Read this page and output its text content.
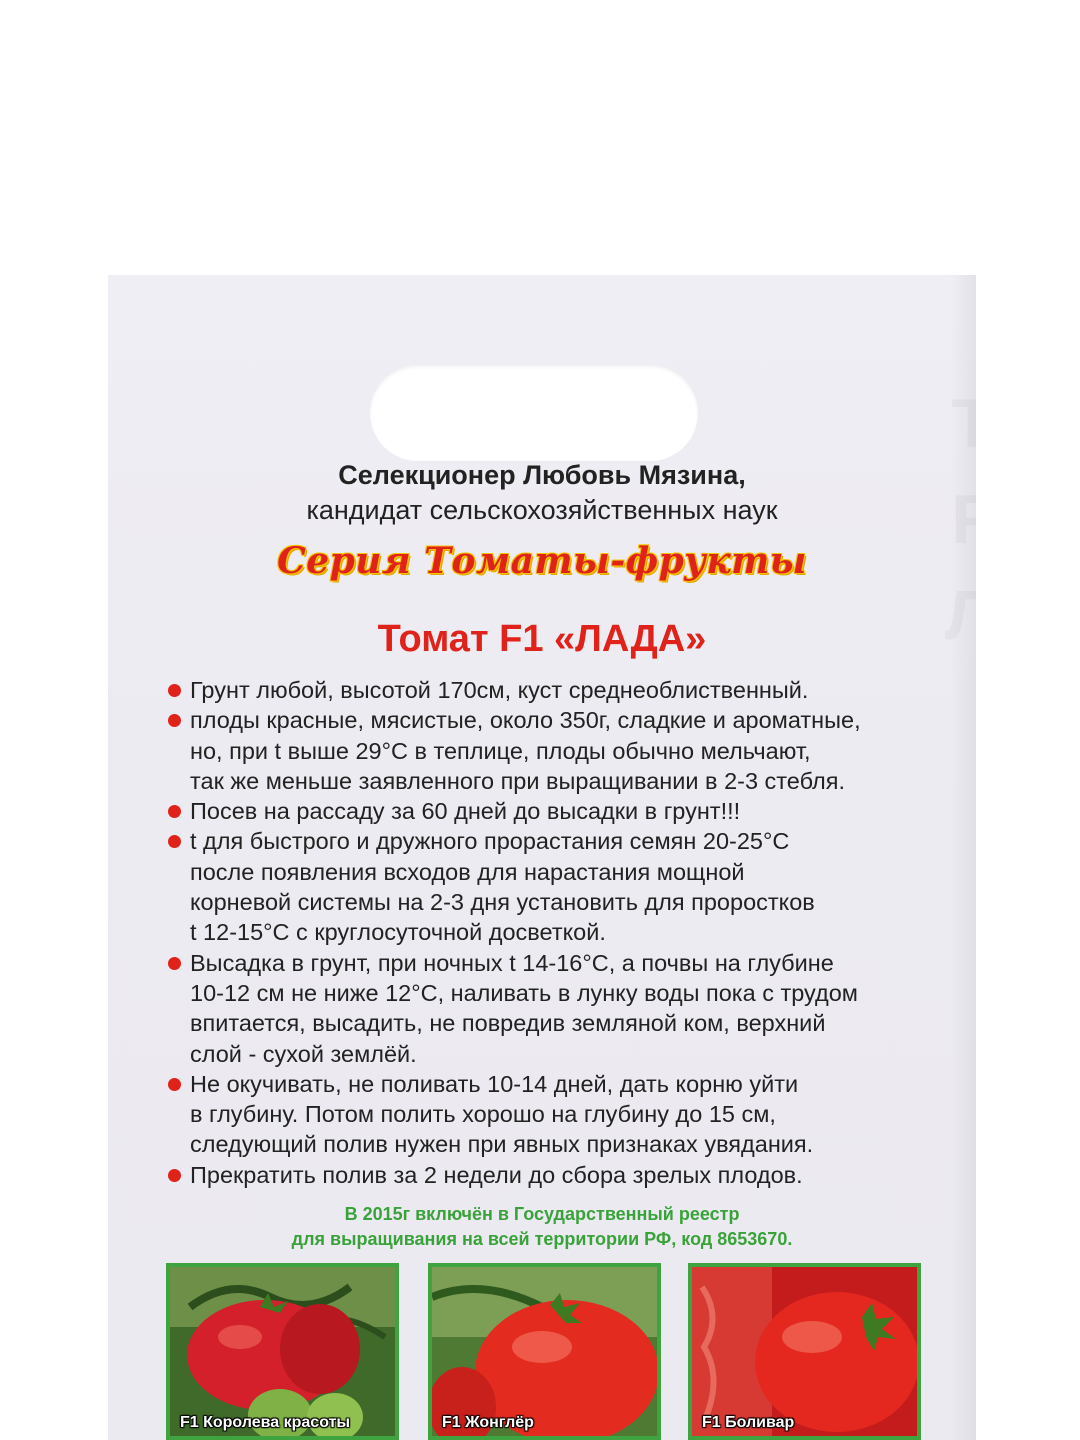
Селекционер Любовь Мязина,
кандидат сельскохозяйственных наук
Серия Томаты-фрукты
Томат F1 «ЛАДА»
Грунт любой, высотой 170см, куст среднеоблиственный.
плоды красные, мясистые, около 350г, сладкие и ароматные,
но, при t выше 29°С в теплице, плоды обычно мельчают,
так же меньше заявленного при выращивании в 2-3 стебля.
Посев на рассаду за 60 дней до высадки в грунт!!!
t для быстрого и дружного прорастания семян 20-25°С
после появления всходов для нарастания мощной
корневой системы на 2-3 дня установить для проростков
t 12-15°С с круглосуточной досветкой.
Высадка в грунт, при ночных t 14-16°С, а почвы на глубине
10-12 см не ниже 12°С, наливать в лунку воды пока с трудом
впитается, высадить, не повредив земляной ком, верхний
слой - сухой землёй.
Не окучивать, не поливать 10-14 дней, дать корню уйти
в глубину. Потом полить хорошо на глубину до 15 см,
следующий полив нужен при явных признаках увядания.
Прекратить полив за 2 недели до сбора зрелых плодов.
В 2015г включён в Государственный реестр
для выращивания на всей территории РФ, код 8653670.
F1 Королева красоты	F1 Жонглёр	F1 Боливар
